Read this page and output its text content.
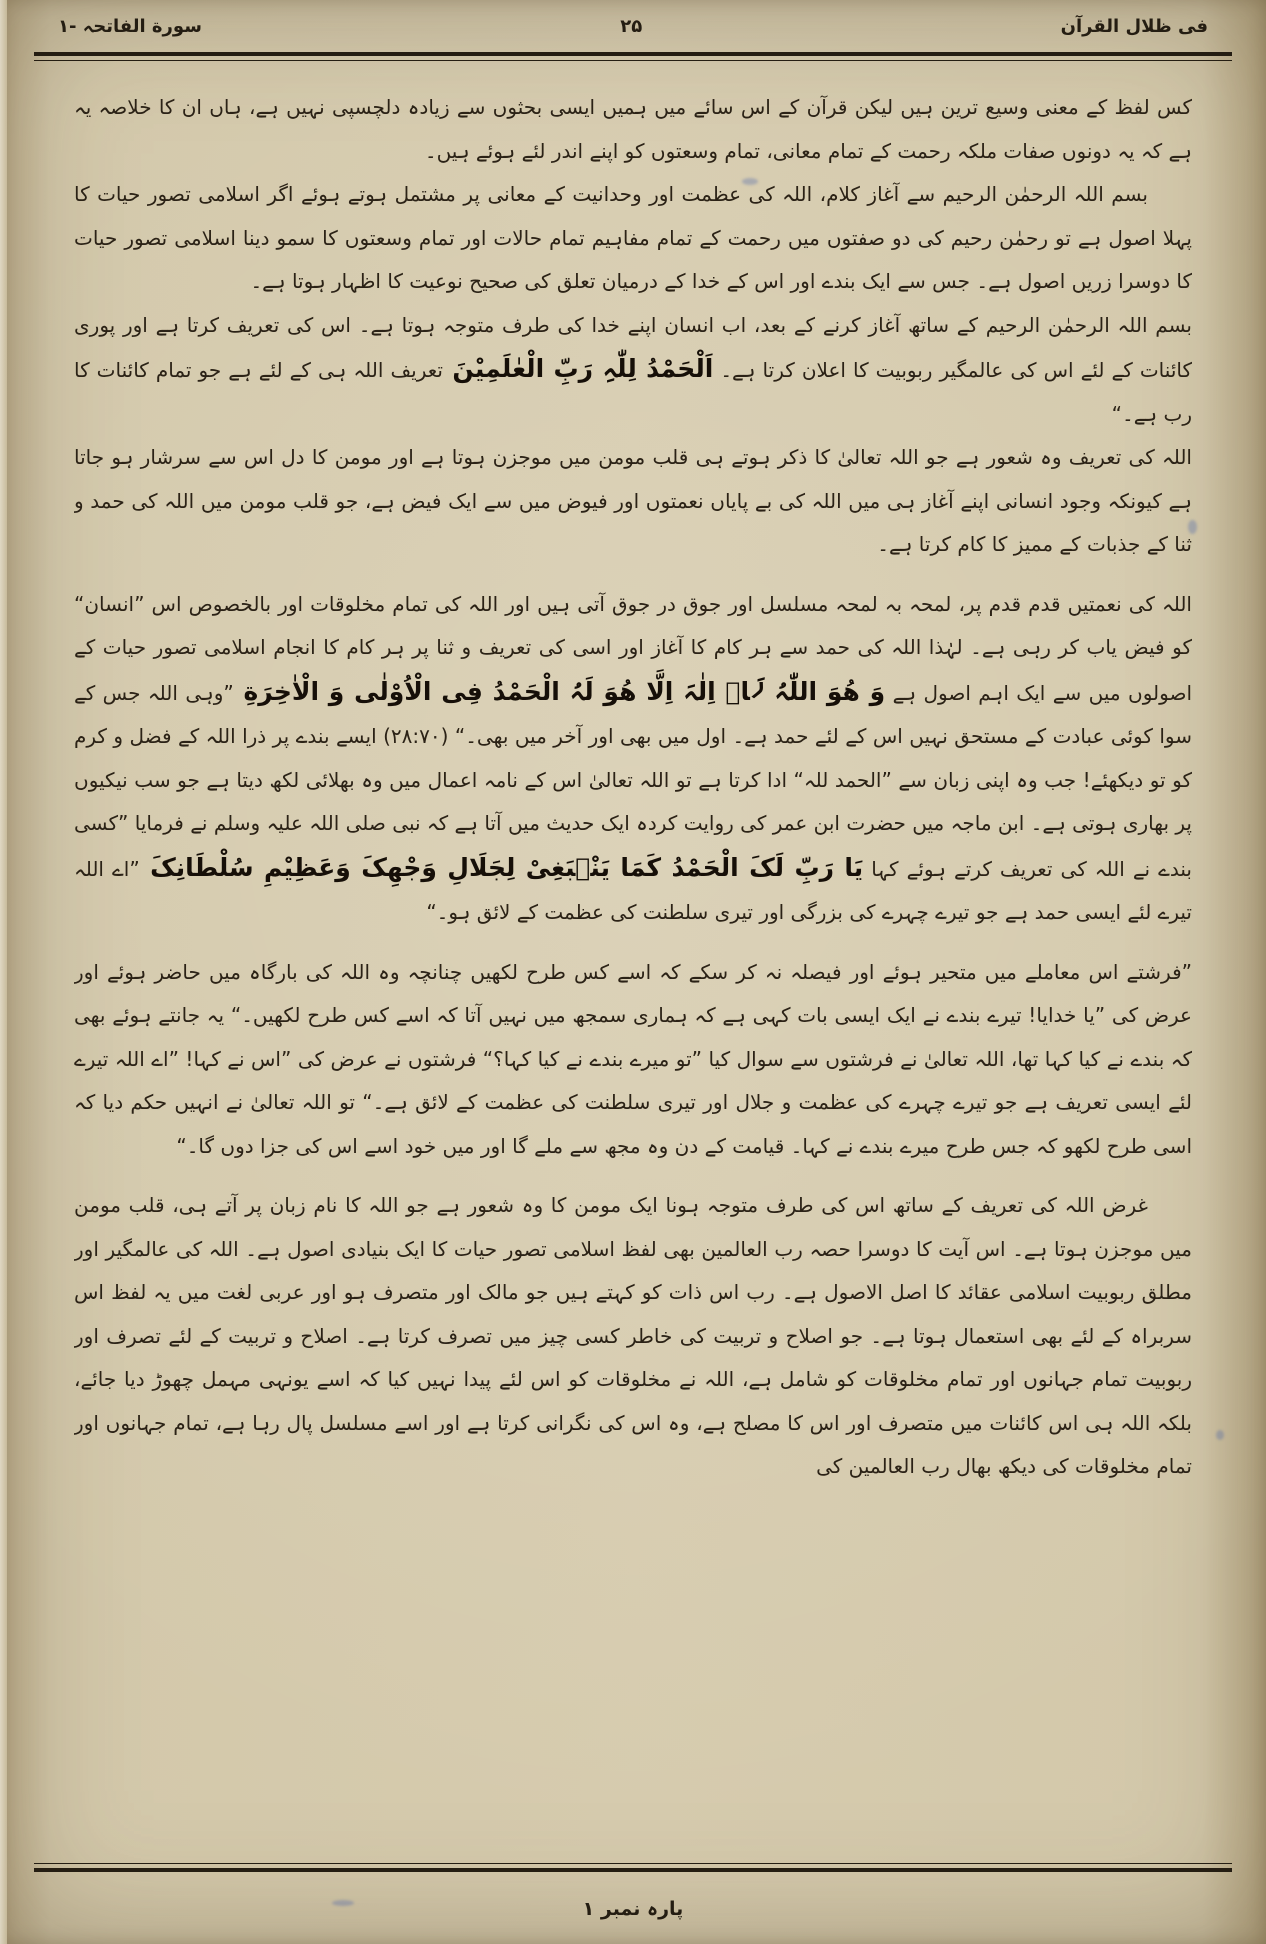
فی ظلال القرآن
۲۵
سورة الفاتحہ -۱

کس لفظ کے معنی وسیع ترین ہیں لیکن قرآن کے اس سائے میں ہمیں ایسی بحثوں سے زیادہ دلچسپی نہیں ہے، ہاں ان کا خلاصہ یہ ہے کہ یہ دونوں صفات ملکہ رحمت کے تمام معانی، تمام وسعتوں کو اپنے اندر لئے ہوئے ہیں۔

بسم اللہ الرحمٰن الرحیم سے آغاز کلام، اللہ کی عظمت اور وحدانیت کے معانی پر مشتمل ہوتے ہوئے اگر اسلامی تصور حیات کا پہلا اصول ہے تو رحمٰن رحیم کی دو صفتوں میں رحمت کے تمام مفاہیم تمام حالات اور تمام وسعتوں کا سمو دینا اسلامی تصور حیات کا دوسرا زریں اصول ہے۔ جس سے ایک بندے اور اس کے خدا کے درمیان تعلق کی صحیح نوعیت کا اظہار ہوتا ہے۔

بسم اللہ الرحمٰن الرحیم کے ساتھ آغاز کرنے کے بعد، اب انسان اپنے خدا کی طرف متوجہ ہوتا ہے۔ اس کی تعریف کرتا ہے اور پوری کائنات کے لئے اس کی عالمگیر ربوبیت کا اعلان کرتا ہے۔ اَلْحَمْدُ لِلّٰہِ رَبِّ الْعٰلَمِیْنَ تعریف اللہ ہی کے لئے ہے جو تمام کائنات کا رب ہے۔“

اللہ کی تعریف وہ شعور ہے جو اللہ تعالیٰ کا ذکر ہوتے ہی قلب مومن میں موجزن ہوتا ہے اور مومن کا دل اس سے سرشار ہو جاتا ہے کیونکہ وجود انسانی اپنے آغاز ہی میں اللہ کی بے پایاں نعمتوں اور فیوض میں سے ایک فیض ہے، جو قلب مومن میں اللہ کی حمد و ثنا کے جذبات کے ممیز کا کام کرتا ہے۔

اللہ کی نعمتیں قدم قدم پر، لمحہ بہ لمحہ مسلسل اور جوق در جوق آتی ہیں اور اللہ کی تمام مخلوقات اور بالخصوص اس ”انسان“ کو فیض یاب کر رہی ہے۔ لہٰذا اللہ کی حمد سے ہر کام کا آغاز اور اسی کی تعریف و ثنا پر ہر کام کا انجام اسلامی تصور حیات کے اصولوں میں سے ایک اہم اصول ہے وَ ھُوَ اللّٰہُ لَاۤ اِلٰہَ اِلَّا ھُوَ لَہُ الْحَمْدُ فِی الْاُوْلٰی وَ الْاٰخِرَةِ ”وہی اللہ جس کے سوا کوئی عبادت کے مستحق نہیں اس کے لئے حمد ہے۔ اول میں بھی اور آخر میں بھی۔“ (۲۸:۷۰) ایسے بندے پر ذرا اللہ کے فضل و کرم کو تو دیکھئے! جب وہ اپنی زبان سے ”الحمد للہ“ ادا کرتا ہے تو اللہ تعالیٰ اس کے نامہ اعمال میں وہ بھلائی لکھ دیتا ہے جو سب نیکیوں پر بھاری ہوتی ہے۔ ابن ماجہ میں حضرت ابن عمر کی روایت کردہ ایک حدیث میں آتا ہے کہ نبی صلی اللہ علیہ وسلم نے فرمایا ”کسی بندے نے اللہ کی تعریف کرتے ہوئے کہا یَا رَبِّ لَکَ الْحَمْدُ کَمَا یَنْۢبَغِیْ لِجَلَالِ وَجْھِکَ وَعَظِیْمِ سُلْطَانِکَ ”اے اللہ تیرے لئے ایسی حمد ہے جو تیرے چہرے کی بزرگی اور تیری سلطنت کی عظمت کے لائق ہو۔“

”فرشتے اس معاملے میں متحیر ہوئے اور فیصلہ نہ کر سکے کہ اسے کس طرح لکھیں چنانچہ وہ اللہ کی بارگاہ میں حاضر ہوئے اور عرض کی ”یا خدایا! تیرے بندے نے ایک ایسی بات کہی ہے کہ ہماری سمجھ میں نہیں آتا کہ اسے کس طرح لکھیں۔“ یہ جانتے ہوئے بھی کہ بندے نے کیا کہا تھا، اللہ تعالیٰ نے فرشتوں سے سوال کیا ”تو میرے بندے نے کیا کہا؟“ فرشتوں نے عرض کی ”اس نے کہا! ”اے اللہ تیرے لئے ایسی تعریف ہے جو تیرے چہرے کی عظمت و جلال اور تیری سلطنت کی عظمت کے لائق ہے۔“ تو اللہ تعالیٰ نے انہیں حکم دیا کہ اسی طرح لکھو کہ جس طرح میرے بندے نے کہا۔ قیامت کے دن وہ مجھ سے ملے گا اور میں خود اسے اس کی جزا دوں گا۔“

غرض اللہ کی تعریف کے ساتھ اس کی طرف متوجہ ہونا ایک مومن کا وہ شعور ہے جو اللہ کا نام زبان پر آتے ہی، قلب مومن میں موجزن ہوتا ہے۔ اس آیت کا دوسرا حصہ رب العالمین بھی لفظ اسلامی تصور حیات کا ایک بنیادی اصول ہے۔ اللہ کی عالمگیر اور مطلق ربوبیت اسلامی عقائد کا اصل الاصول ہے۔ رب اس ذات کو کہتے ہیں جو مالک اور متصرف ہو اور عربی لغت میں یہ لفظ اس سربراہ کے لئے بھی استعمال ہوتا ہے۔ جو اصلاح و تربیت کی خاطر کسی چیز میں تصرف کرتا ہے۔ اصلاح و تربیت کے لئے تصرف اور ربوبیت تمام جہانوں اور تمام مخلوقات کو شامل ہے، اللہ نے مخلوقات کو اس لئے پیدا نہیں کیا کہ اسے یونہی مہمل چھوڑ دیا جائے، بلکہ اللہ ہی اس کائنات میں متصرف اور اس کا مصلح ہے، وہ اس کی نگرانی کرتا ہے اور اسے مسلسل پال رہا ہے، تمام جہانوں اور تمام مخلوقات کی دیکھ بھال رب العالمین کی

پارہ نمبر ۱
